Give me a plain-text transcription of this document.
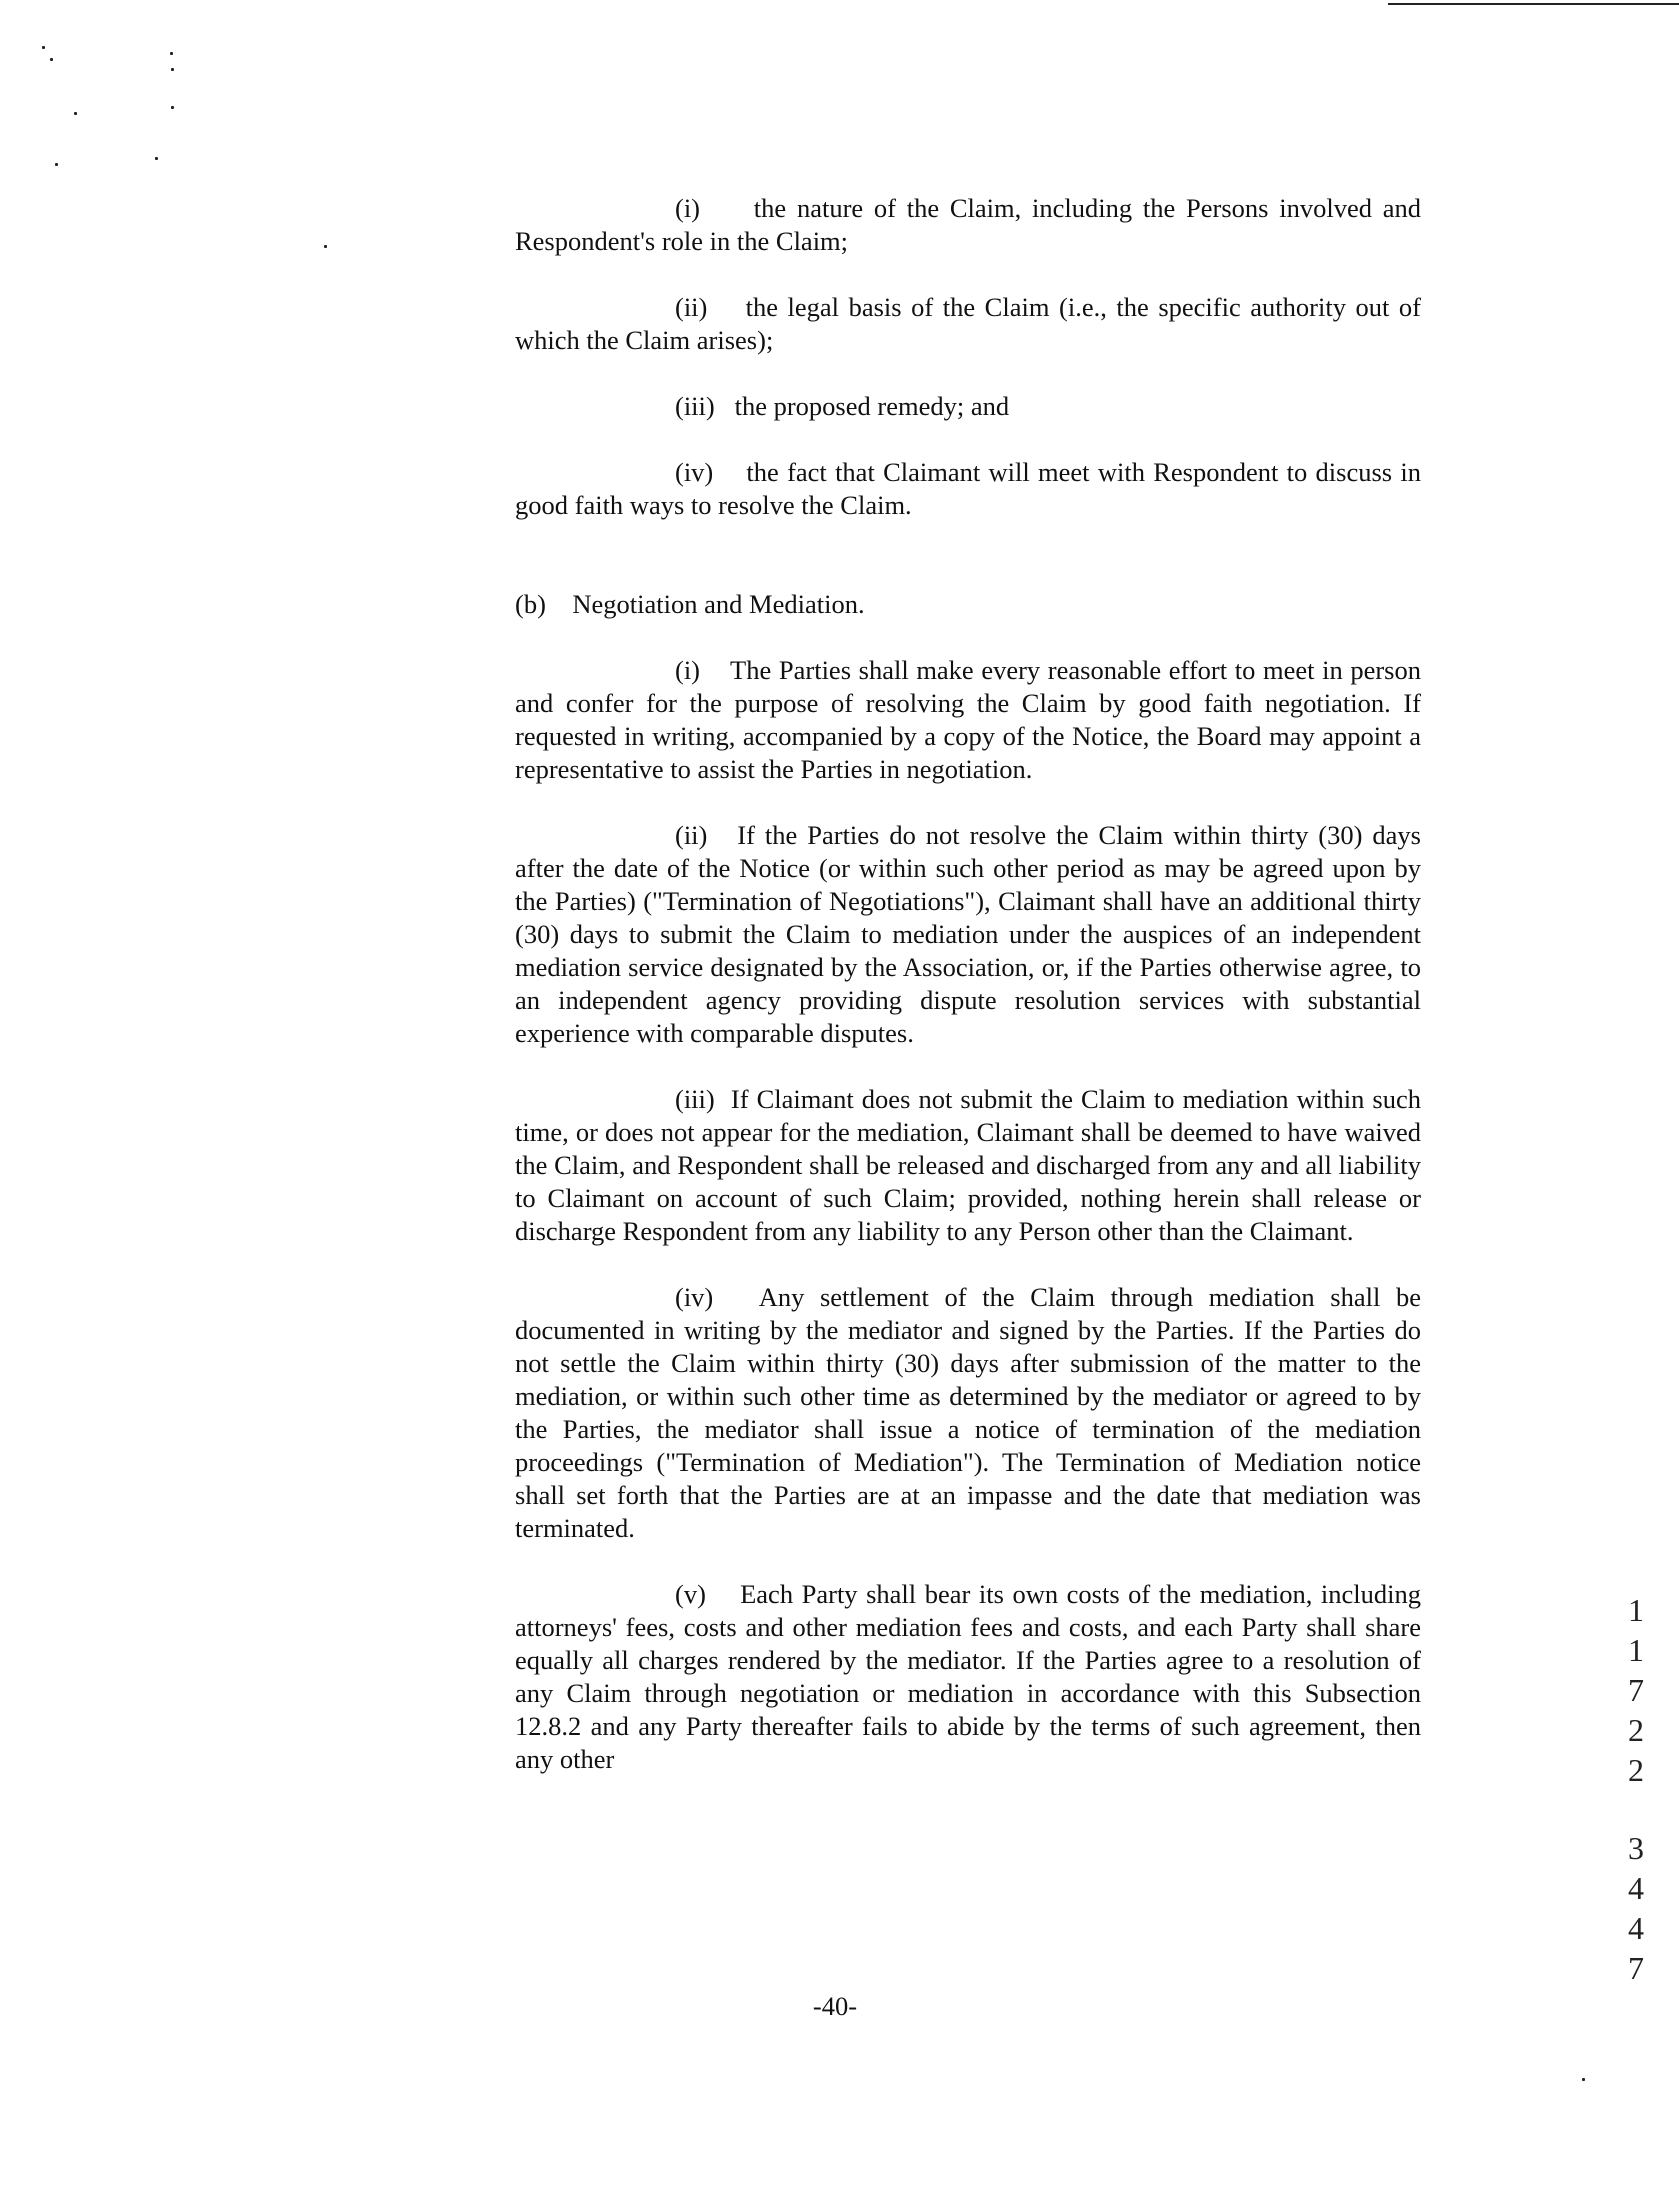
(i)     the nature of the Claim, including the Persons involved and Respondent's role in the Claim;

(ii)    the legal basis of the Claim (i.e., the specific authority out of which the Claim arises);

(iii)   the proposed remedy; and

(iv)    the fact that Claimant will meet with Respondent to discuss in good faith ways to resolve the Claim.

(b)    Negotiation and Mediation.

(i)    The Parties shall make every reasonable effort to meet in person and confer for the purpose of resolving the Claim by good faith negotiation. If requested in writing, accompanied by a copy of the Notice, the Board may appoint a representative to assist the Parties in negotiation.

(ii)   If the Parties do not resolve the Claim within thirty (30) days after the date of the Notice (or within such other period as may be agreed upon by the Parties) ("Termination of Negotiations"), Claimant shall have an additional thirty (30) days to submit the Claim to mediation under the auspices of an independent mediation service designated by the Association, or, if the Parties otherwise agree, to an independent agency providing dispute resolution services with substantial experience with comparable disputes.

(iii)  If Claimant does not submit the Claim to mediation within such time, or does not appear for the mediation, Claimant shall be deemed to have waived the Claim, and Respondent shall be released and discharged from any and all liability to Claimant on account of such Claim; provided, nothing herein shall release or discharge Respondent from any liability to any Person other than the Claimant.

(iv)   Any settlement of the Claim through mediation shall be documented in writing by the mediator and signed by the Parties. If the Parties do not settle the Claim within thirty (30) days after submission of the matter to the mediation, or within such other time as determined by the mediator or agreed to by the Parties, the mediator shall issue a notice of termination of the mediation proceedings ("Termination of Mediation"). The Termination of Mediation notice shall set forth that the Parties are at an impasse and the date that mediation was terminated.

(v)    Each Party shall bear its own costs of the mediation, including attorneys' fees, costs and other mediation fees and costs, and each Party shall share equally all charges rendered by the mediator. If the Parties agree to a resolution of any Claim through negotiation or mediation in accordance with this Subsection 12.8.2 and any Party thereafter fails to abide by the terms of such agreement, then any other

-40-
1
1
7
2
2
3
4
4
7
